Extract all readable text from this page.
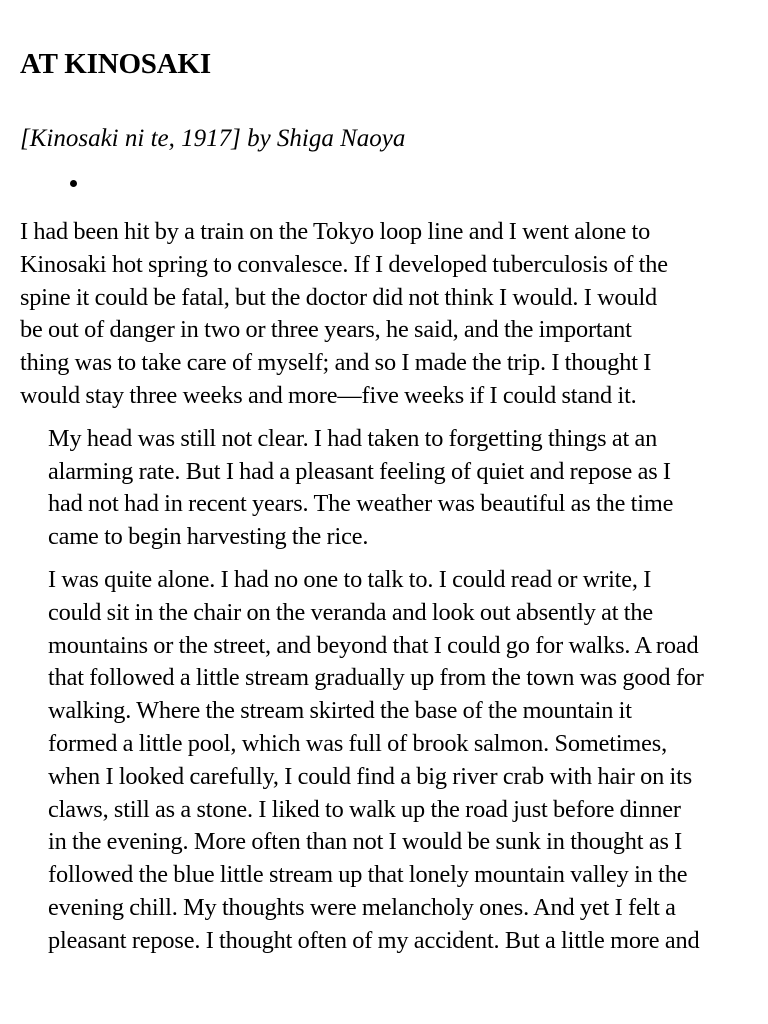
AT KINOSAKI

[Kinosaki ni te, 1917] by Shiga Naoya

I had been hit by a train on the Tokyo loop line and I went alone to
Kinosaki hot spring to convalesce. If I developed tuberculosis of the
spine it could be fatal, but the doctor did not think I would. I would
be out of danger in two or three years, he said, and the important
thing was to take care of myself; and so I made the trip. I thought I
would stay three weeks and more—five weeks if I could stand it.

My head was still not clear. I had taken to forgetting things at an
alarming rate. But I had a pleasant feeling of quiet and repose as I
had not had in recent years. The weather was beautiful as the time
came to begin harvesting the rice.

I was quite alone. I had no one to talk to. I could read or write, I
could sit in the chair on the veranda and look out absently at the
mountains or the street, and beyond that I could go for walks. A road
that followed a little stream gradually up from the town was good for
walking. Where the stream skirted the base of the mountain it
formed a little pool, which was full of brook salmon. Sometimes,
when I looked carefully, I could find a big river crab with hair on its
claws, still as a stone. I liked to walk up the road just before dinner
in the evening. More often than not I would be sunk in thought as I
followed the blue little stream up that lonely mountain valley in the
evening chill. My thoughts were melancholy ones. And yet I felt a
pleasant repose. I thought often of my accident. But a little more and
